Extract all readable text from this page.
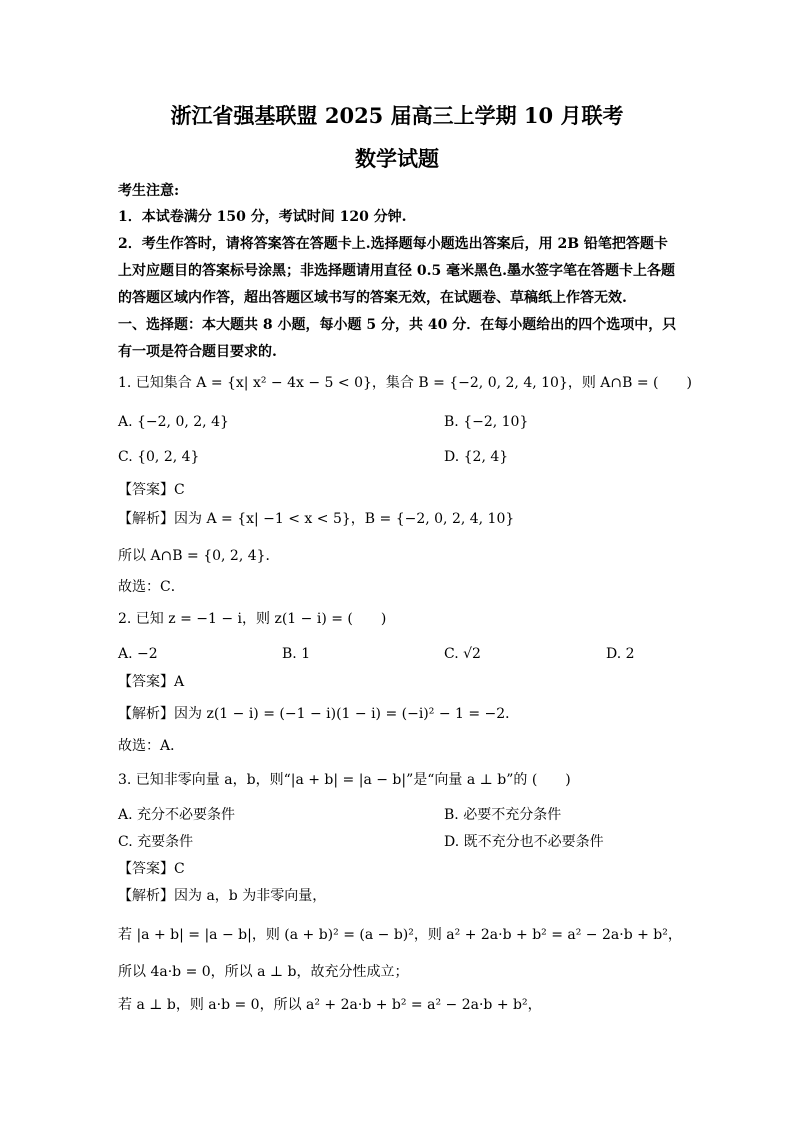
浙江省强基联盟 2025 届高三上学期 10 月联考
数学试题
考生注意:
1．本试卷满分 150 分，考试时间 120 分钟.
2．考生作答时，请将答案答在答题卡上.选择题每小题选出答案后，用 2B 铅笔把答题卡
上对应题目的答案标号涂黑；非选择题请用直径 0.5 毫米黑色.墨水签字笔在答题卡上各题
的答题区域内作答，超出答题区域书写的答案无效，在试题卷、草稿纸上作答无效.
一、选择题：本大题共 8 小题，每小题 5 分，共 40 分．在每小题给出的四个选项中，只
有一项是符合题目要求的.
1. 已知集合 A = {x| x² − 4x − 5 < 0}，集合 B = {−2, 0, 2, 4, 10}，则 A∩B = (　　)
A. {−2, 0, 2, 4}	B. {−2, 10}
C. {0, 2, 4}	D. {2, 4}
【答案】C
【解析】因为 A = {x| −1 < x < 5}，B = {−2, 0, 2, 4, 10}
所以 A∩B = {0, 2, 4}．
故选：C．
2. 已知 z = −1 − i，则 z(1 − i) = (　　)
A. −2	B. 1	C. √2	D. 2
【答案】A
【解析】因为 z(1 − i) = (−1 − i)(1 − i) = (−i)² − 1 = −2．
故选：A．
3. 已知非零向量 a，b，则“|a + b| = |a − b|”是“向量 a ⊥ b”的 (　　)
A. 充分不必要条件	B. 必要不充分条件
C. 充要条件	D. 既不充分也不必要条件
【答案】C
【解析】因为 a，b 为非零向量，
若 |a + b| = |a − b|，则 (a + b)² = (a − b)²，则 a² + 2a·b + b² = a² − 2a·b + b²，
所以 4a·b = 0，所以 a ⊥ b，故充分性成立；
若 a ⊥ b，则 a·b = 0，所以 a² + 2a·b + b² = a² − 2a·b + b²，
